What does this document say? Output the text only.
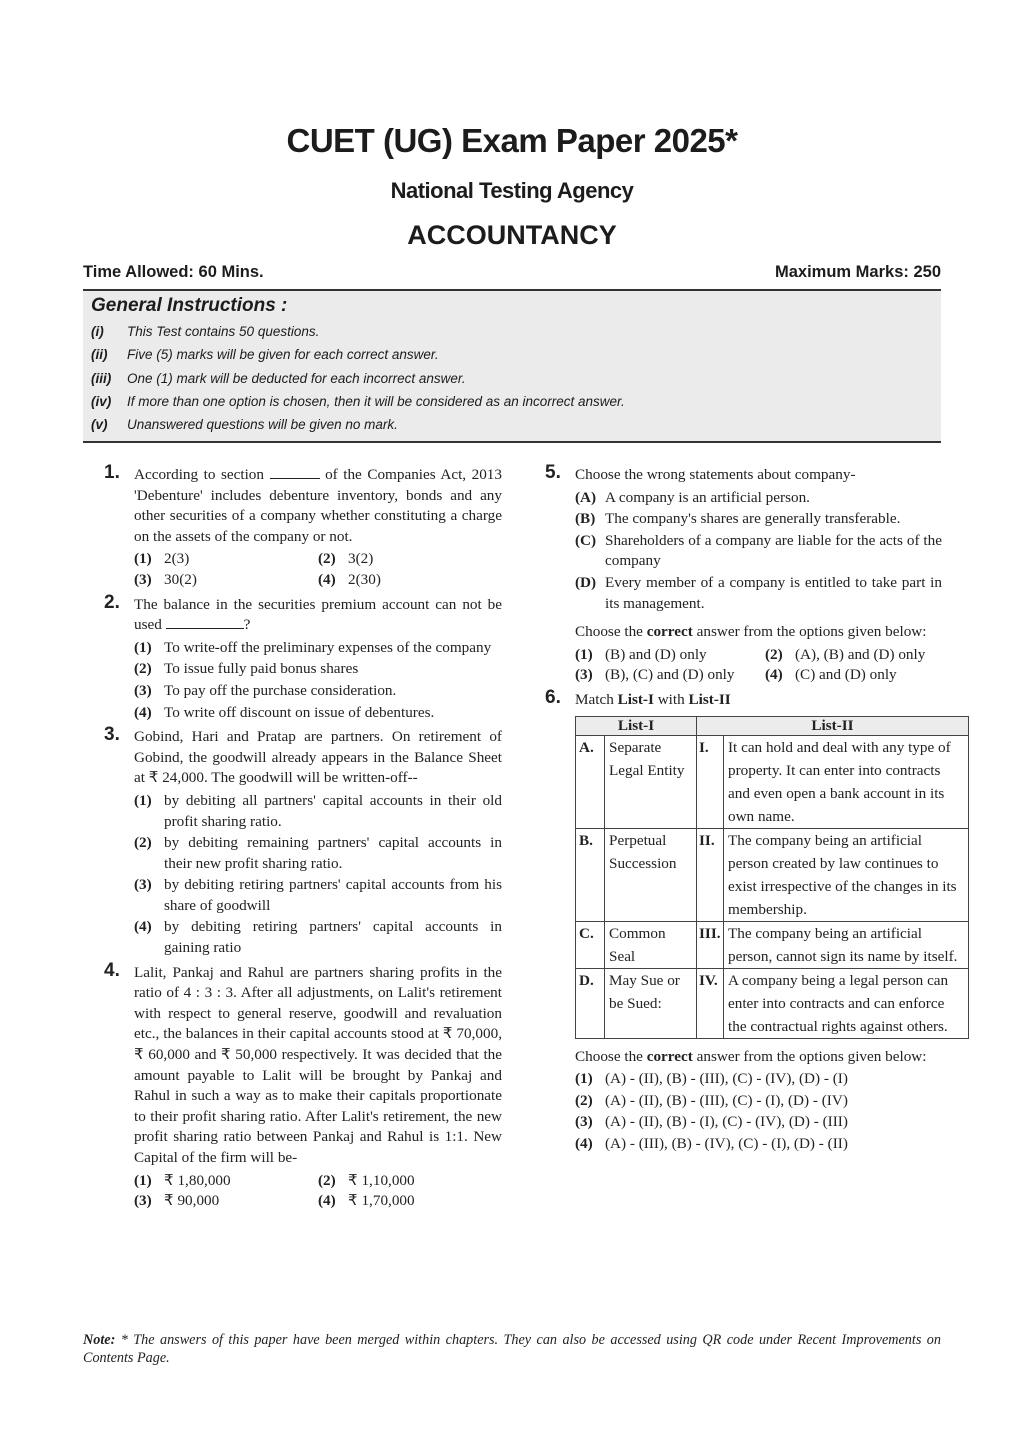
CUET (UG) Exam Paper 2025*
National Testing Agency
ACCOUNTANCY
Time Allowed: 60 Mins.	Maximum Marks: 250
General Instructions :
(i)	This Test contains 50 questions.
(ii)	Five (5) marks will be given for each correct answer.
(iii)	One (1) mark will be deducted for each incorrect answer.
(iv)	If more than one option is chosen, then it will be considered as an incorrect answer.
(v)	Unanswered questions will be given no mark.
1. According to section	of the Companies Act, 2013 'Debenture' includes debenture inventory, bonds and any other securities of a company whether constituting a charge on the assets of the company or not.
(1) 2(3)	(2) 3(2)
(3) 30(2)	(4) 2(30)
2. The balance in the securities premium account can not be used	?
(1) To write-off the preliminary expenses of the company
(2) To issue fully paid bonus shares
(3) To pay off the purchase consideration.
(4) To write off discount on issue of debentures.
3. Gobind, Hari and Pratap are partners. On retirement of Gobind, the goodwill already appears in the Balance Sheet at ₹ 24,000. The goodwill will be written-off--
(1) by debiting all partners' capital accounts in their old profit sharing ratio.
(2) by debiting remaining partners' capital accounts in their new profit sharing ratio.
(3) by debiting retiring partners' capital accounts from his share of goodwill
(4) by debiting retiring partners' capital accounts in gaining ratio
4. Lalit, Pankaj and Rahul are partners sharing profits in the ratio of 4 : 3 : 3. After all adjustments, on Lalit's retirement with respect to general reserve, goodwill and revaluation etc., the balances in their capital accounts stood at ₹ 70,000, ₹ 60,000 and ₹ 50,000 respectively. It was decided that the amount payable to Lalit will be brought by Pankaj and Rahul in such a way as to make their capitals proportionate to their profit sharing ratio. After Lalit's retirement, the new profit sharing ratio between Pankaj and Rahul is 1:1. New Capital of the firm will be-
(1) ₹ 1,80,000	(2) ₹ 1,10,000
(3) ₹ 90,000	(4) ₹ 1,70,000
5. Choose the wrong statements about company-
(A) A company is an artificial person.
(B) The company's shares are generally transferable.
(C) Shareholders of a company are liable for the acts of the company
(D) Every member of a company is entitled to take part in its management.
Choose the correct answer from the options given below:
(1) (B) and (D) only	(2) (A), (B) and (D) only
(3) (B), (C) and (D) only (4) (C) and (D) only
6. Match List-I with List-II
List-I		List-II	
A.	Separate Legal Entity	I.	It can hold and deal with any type of property. It can enter into contracts and even open a bank account in its own name.
B.	Perpetual Succession	II.	The company being an artificial person created by law continues to exist irrespective of the changes in its membership.
C.	Common Seal	III.	The company being an artificial person, cannot sign its name by itself.
D.	May Sue or be Sued:	IV.	A company being a legal person can enter into contracts and can enforce the contractual rights against others.
Choose the correct answer from the options given below:
(1) (A) - (II), (B) - (III), (C) - (IV), (D) - (I)
(2) (A) - (II), (B) - (III), (C) - (I), (D) - (IV)
(3) (A) - (II), (B) - (I), (C) - (IV), (D) - (III)
(4) (A) - (III), (B) - (IV), (C) - (I), (D) - (II)
Note: * The answers of this paper have been merged within chapters. They can also be accessed using QR code under Recent Improvements on Contents Page.
